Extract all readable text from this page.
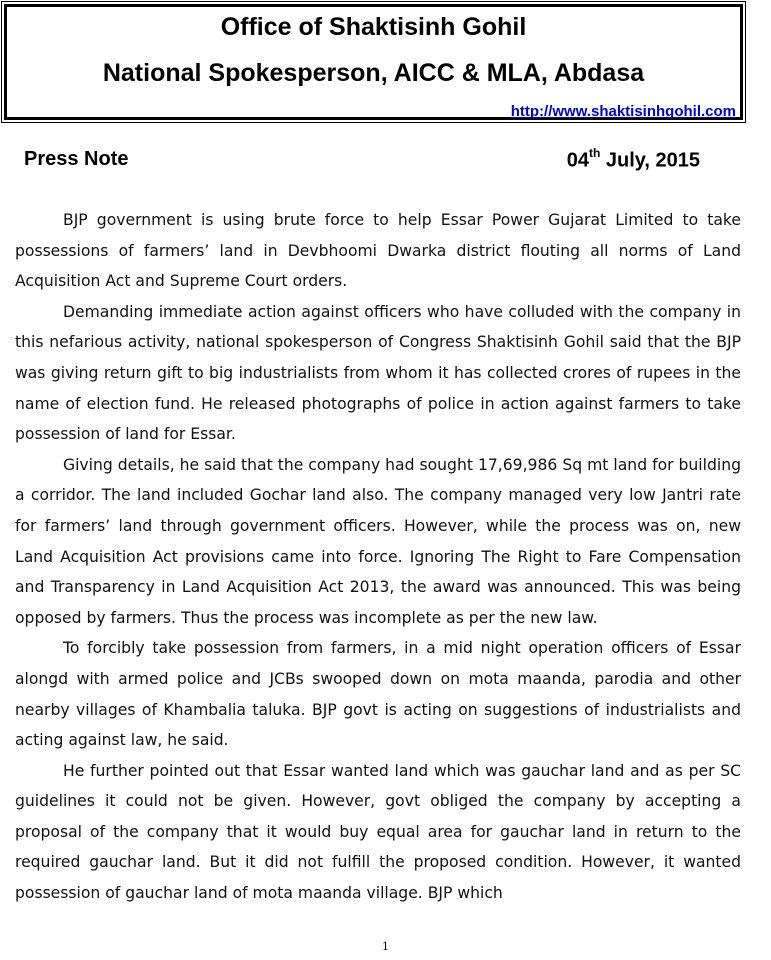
Office of Shaktisinh Gohil
National Spokesperson, AICC & MLA, Abdasa
http://www.shaktisinhgohil.com
Press Note	04th July, 2015

BJP government is using brute force to help Essar Power Gujarat Limited to take possessions of farmers’ land in Devbhoomi Dwarka district flouting all norms of Land Acquisition Act and Supreme Court orders.

Demanding immediate action against officers who have colluded with the company in this nefarious activity, national spokesperson of Congress Shaktisinh Gohil said that the BJP was giving return gift to big industrialists from whom it has collected crores of rupees in the name of election fund. He released photographs of police in action against farmers to take possession of land for Essar.

Giving details, he said that the company had sought 17,69,986 Sq mt land for building a corridor. The land included Gochar land also. The company managed very low Jantri rate for farmers’ land through government officers. However, while the process was on, new Land Acquisition Act provisions came into force. Ignoring The Right to Fare Compensation and Transparency in Land Acquisition Act 2013, the award was announced. This was being opposed by farmers. Thus the process was incomplete as per the new law.

To forcibly take possession from farmers, in a mid night operation officers of Essar alongd with armed police and JCBs swooped down on mota maanda, parodia and other nearby villages of Khambalia taluka. BJP govt is acting on suggestions of industrialists and acting against law, he said.

He further pointed out that Essar wanted land which was gauchar land and as per SC guidelines it could not be given. However, govt obliged the company by accepting a proposal of the company that it would buy equal area for gauchar land in return to the required gauchar land. But it did not fulfill the proposed condition. However, it wanted possession of gauchar land of mota maanda village. BJP which

1
